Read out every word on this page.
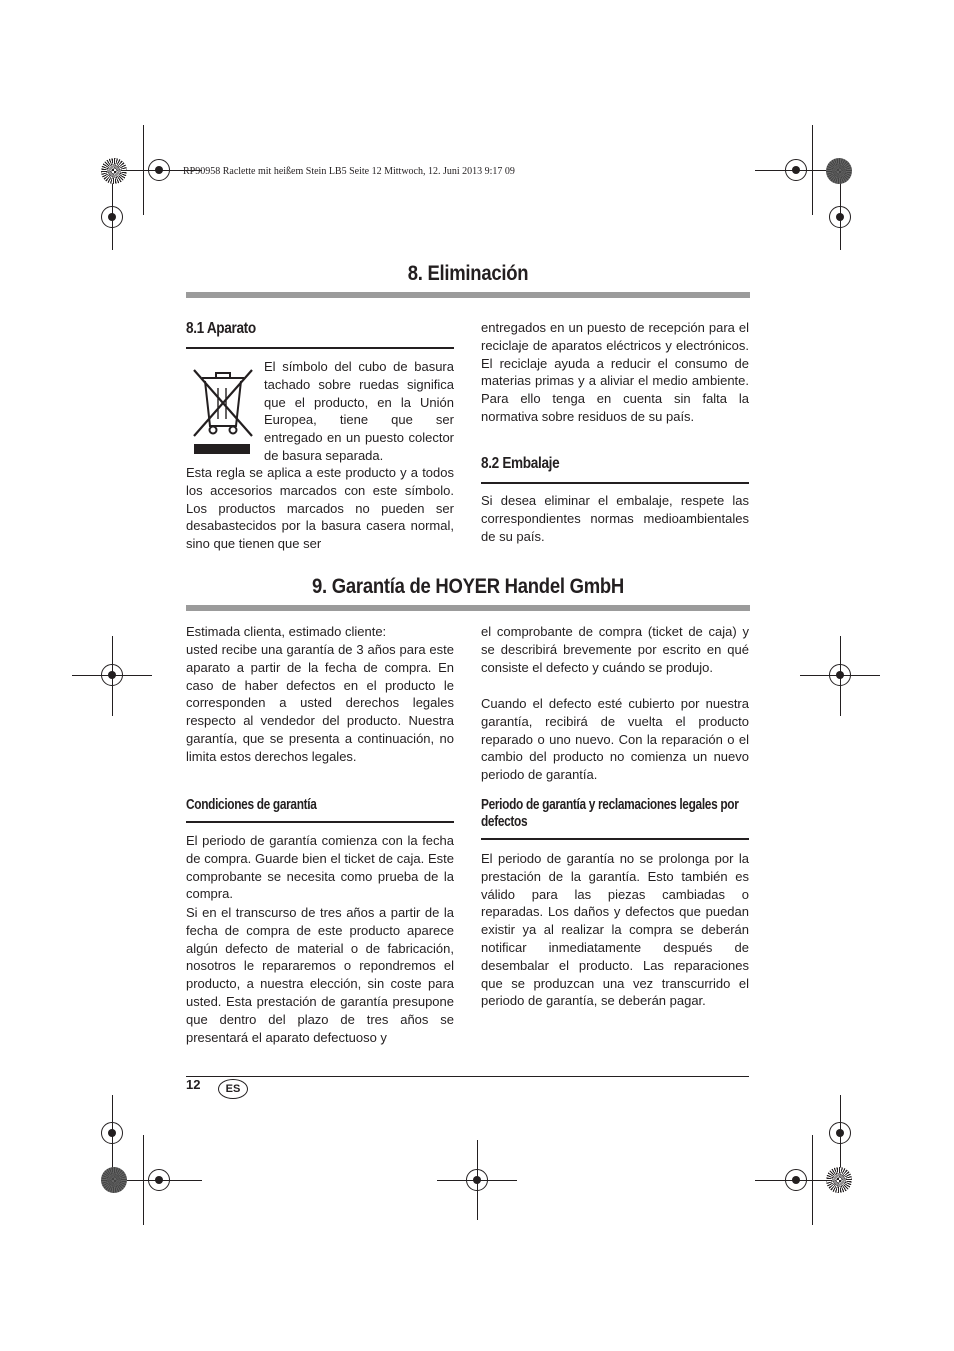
RP90958 Raclette mit heißem Stein LB5 Seite 12 Mittwoch, 12. Juni 2013 9:17 09
8. Eliminación
8.1 Aparato
El símbolo del cubo de basura tachado sobre ruedas significa que el producto, en la Unión Europea, tiene que ser entregado en un puesto colector de basura separada.
Esta regla se aplica a este producto y a todos los accesorios marcados con este símbolo. Los productos marcados no pueden ser desabastecidos por la basura casera normal, sino que tienen que ser
entregados en un puesto de recepción para el reciclaje de aparatos eléctricos y electrónicos. El reciclaje ayuda a reducir el consumo de materias primas y a aliviar el medio ambiente. Para ello tenga en cuenta sin falta la normativa sobre residuos de su país.
8.2 Embalaje
Si desea eliminar el embalaje, respete las correspondientes normas medioambientales de su país.
9. Garantía de HOYER Handel GmbH
Estimada clienta, estimado cliente:
usted recibe una garantía de 3 años para este aparato a partir de la fecha de compra. En caso de haber defectos en el producto le corresponden a usted derechos legales respecto al vendedor del producto. Nuestra garantía, que se presenta a continuación, no limita estos derechos legales.
Condiciones de garantía
El periodo de garantía comienza con la fecha de compra. Guarde bien el ticket de caja. Este comprobante se necesita como prueba de la compra.
Si en el transcurso de tres años a partir de la fecha de compra de este producto aparece algún defecto de material o de fabricación, nosotros le repararemos o repondremos el producto, a nuestra elección, sin coste para usted. Esta prestación de garantía presupone que dentro del plazo de tres años se presentará el aparato defectuoso y
el comprobante de compra (ticket de caja) y se describirá brevemente por escrito en qué consiste el defecto y cuándo se produjo.
Cuando el defecto esté cubierto por nuestra garantía, recibirá de vuelta el producto reparado o uno nuevo. Con la reparación o el cambio del producto no comienza un nuevo periodo de garantía.
Periodo de garantía y reclamaciones legales por defectos
El periodo de garantía no se prolonga por la prestación de la garantía. Esto también es válido para las piezas cambiadas o reparadas. Los daños y defectos que puedan existir ya al realizar la compra se deberán notificar inmediatamente después de desembalar el producto. Las reparaciones que se produzcan una vez transcurrido el periodo de garantía, se deberán pagar.
12	ES
